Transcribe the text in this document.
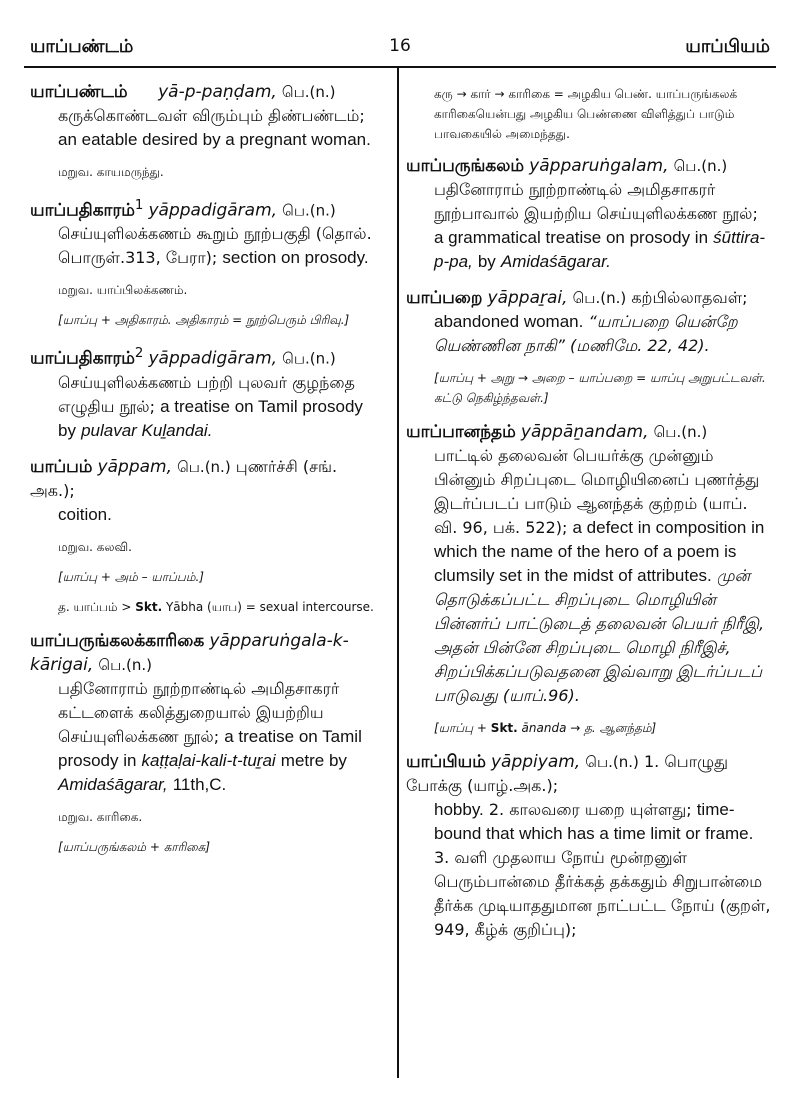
யாப்பண்டம்	16	யாப்பியம்
யாப்பண்டம் yā-p-paṇḍam, பெ.(n.)
கருக்கொண்டவள் விரும்பும் திண்பண்டம்; an eatable desired by a pregnant woman.
மறுவ. காயமருந்து.
யாப்பதிகாரம்$^1$ yāppadigāram, பெ.(n.)
செய்யுளிலக்கணம் கூறும் நூற்பகுதி (தொல். பொருள்.313, பேரா); section on prosody.
மறுவ. யாப்பிலக்கணம்.
[யாப்பு + அதிகாரம். அதிகாரம் = நூற்பெரும் பிரிவு.]
யாப்பதிகாரம்$^2$ yāppadigāram, பெ.(n.)
செய்யுளிலக்கணம் பற்றி புலவர் குழந்தை எழுதிய நூல்; a treatise on Tamil prosody by pulavar Kuḻandai.
யாப்பம் yāppam, பெ.(n.) புணர்ச்சி (சங். அக.);
coition.
மறுவ. கலவி.
[யாப்பு + அம் – யாப்பம்.]
த. யாப்பம் > Skt. Yābha (யாப) = sexual intercourse.
யாப்பருங்கலக்காரிகை yāpparuṅgala-k-kārigai, பெ.(n.)
பதினோராம் நூற்றாண்டில் அமிதசாகரர் கட்டளைக் கலித்துறையால் இயற்றிய செய்யுளிலக்கண நூல்; a treatise on Tamil prosody in kaṭṭaḷai-kali-t-tuṟai metre by Amidaśāgarar, 11th,C.
மறுவ. காரிகை.
[யாப்பருங்கலம் + காரிகை]
கரு → கார் → காரிகை = அழகிய பெண். யாப்பருங்கலக் காரிகையென்பது அழகிய பெண்ணை விளித்துப் பாடும் பாவகையில் அமைந்தது.
யாப்பருங்கலம் yāpparuṅgalam, பெ.(n.)
பதினோராம் நூற்றாண்டில் அமிதசாகரர் நூற்பாவால் இயற்றிய செய்யுளிலக்கண நூல்; a grammatical treatise on prosody in śūttira-p-pa, by Amidaśāgarar.
யாப்பறை yāppaṟai, பெ.(n.) கற்பில்லாதவள்;
abandoned woman. “யாப்பறை யென்றே யெண்ணின நாகி” (மணிமே. 22, 42).
[யாப்பு + அறு → அறை – யாப்பறை = யாப்பு அறுபட்டவள். கட்டு நெகிழ்ந்தவள்.]
யாப்பானந்தம் yāppāṉandam, பெ.(n.)
பாட்டில் தலைவன் பெயர்க்கு முன்னும் பின்னும் சிறப்புடை மொழியினைப் புணர்த்து இடர்ப்படப் பாடும் ஆனந்தக் குற்றம் (யாப். வி. 96, பக். 522); a defect in composition in which the name of the hero of a poem is clumsily set in the midst of attributes. முன் தொடுக்கப்பட்ட சிறப்புடை மொழியின் பின்னர்ப் பாட்டுடைத் தலைவன் பெயர் நிரீஇ, அதன் பின்னே சிறப்புடை மொழி நிரீஇச், சிறப்பிக்கப்படுவதனை இவ்வாறு இடர்ப்படப் பாடுவது (யாப்.96).
[யாப்பு + Skt. ānanda → த. ஆனந்தம்]
யாப்பியம் yāppiyam, பெ.(n.) 1. பொழுது போக்கு (யாழ்.அக.);
hobby. 2. காலவரை யறை யுள்ளது; time-bound that which has a time limit or frame. 3. வளி முதலாய நோய் மூன்றனுள் பெரும்பான்மை தீர்க்கத் தக்கதும் சிறுபான்மை தீர்க்க முடியாததுமான நாட்பட்ட நோய் (குறள், 949, கீழ்க் குறிப்பு);
